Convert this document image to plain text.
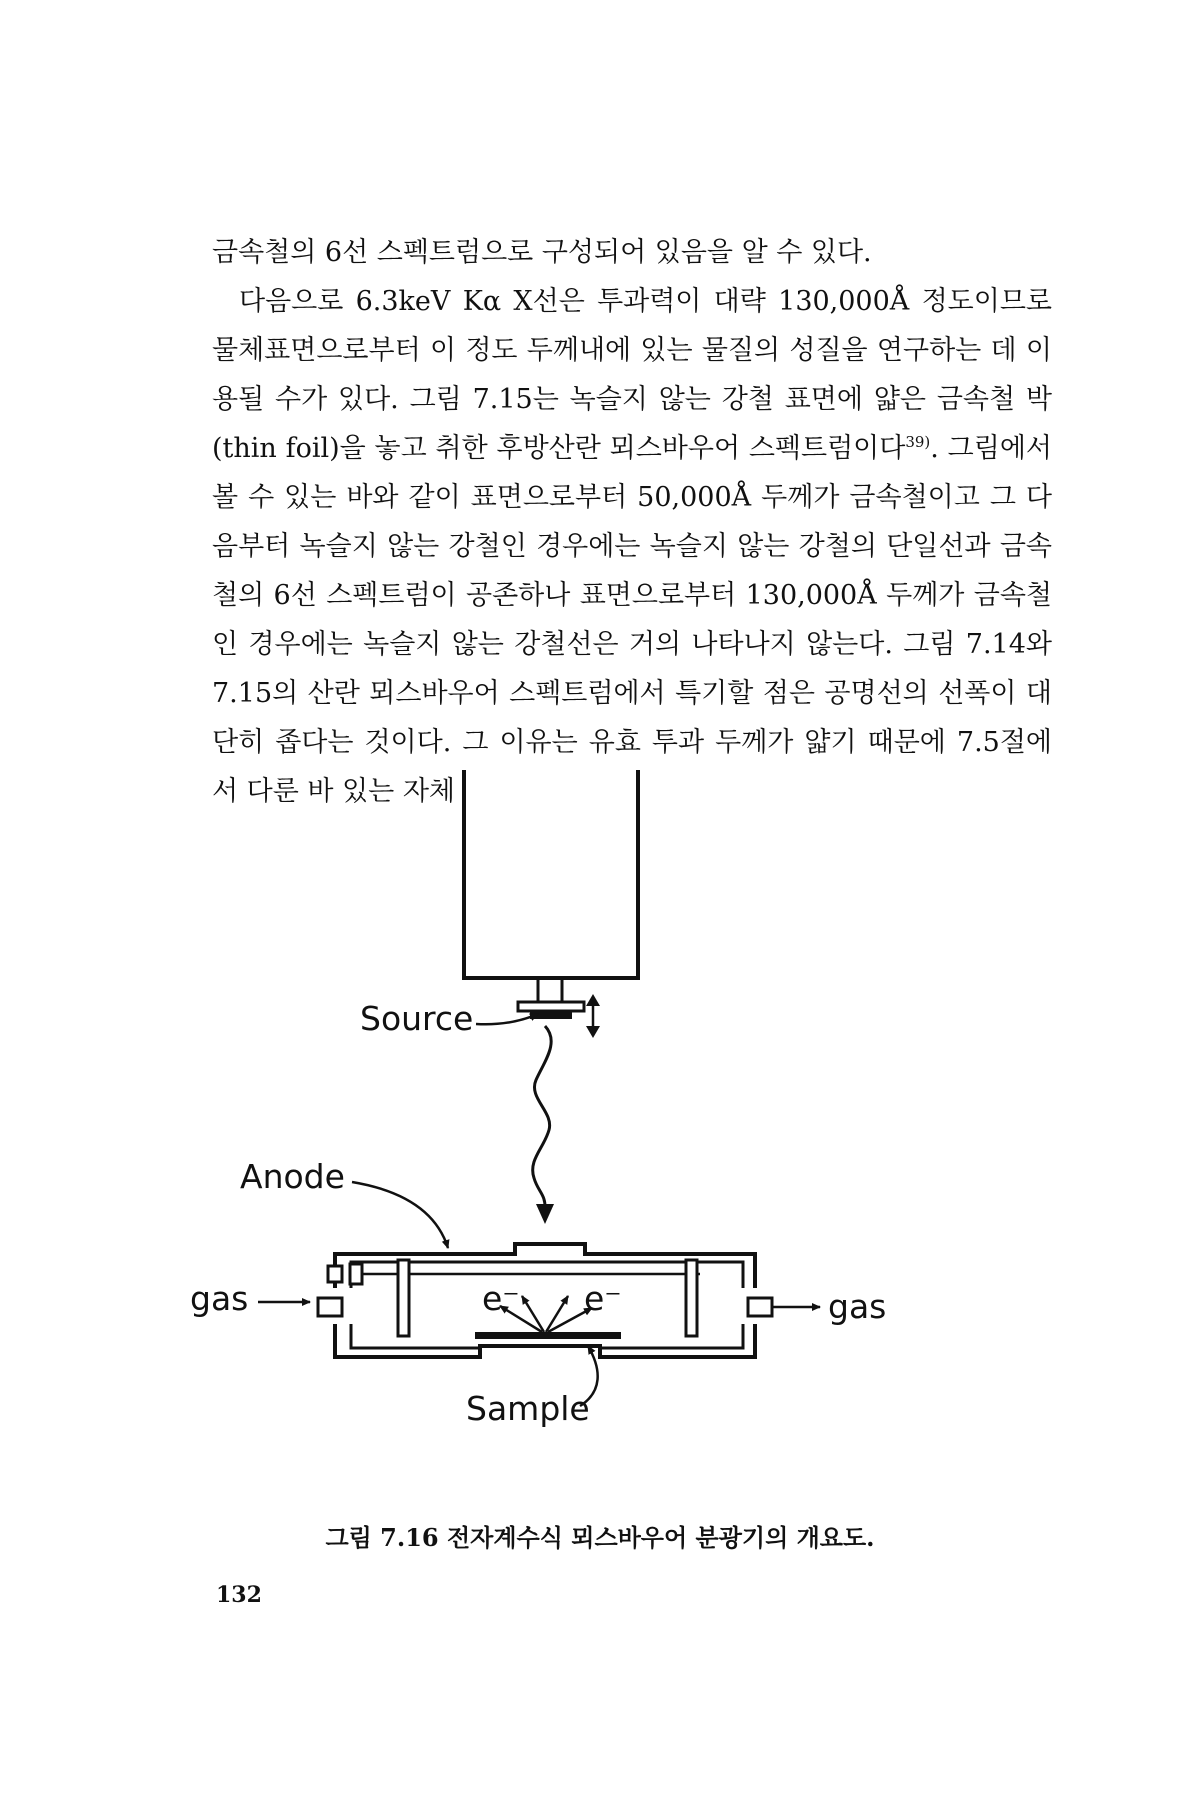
금속철의 6선 스펙트럼으로 구성되어 있음을 알 수 있다.

다음으로 6.3keV Kα X선은 투과력이 대략 130,000Å 정도이므로 물체표면으로부터 이 정도 두께내에 있는 물질의 성질을 연구하는 데 이용될 수가 있다. 그림 7.15는 녹슬지 않는 강철 표면에 얇은 금속철 박(thin foil)을 놓고 취한 후방산란 뫼스바우어 스펙트럼이다$^{39)}$. 그림에서 볼 수 있는 바와 같이 표면으로부터 50,000Å 두께가 금속철이고 그 다음부터 녹슬지 않는 강철인 경우에는 녹슬지 않는 강철의 단일선과 금속철의 6선 스펙트럼이 공존하나 표면으로부터 130,000Å 두께가 금속철인 경우에는 녹슬지 않는 강철선은 거의 나타나지 않는다. 그림 7.14와 7.15의 산란 뫼스바우어 스펙트럼에서 특기할 점은 공명선의 선폭이 대단히 좁다는 것이다. 그 이유는 유효 투과 두께가 얇기 때문에 7.5절에서 다룬 바 있는 자체

Source
Anode
e⁻ e⁻
gas	gas
Sample
그림 7.16 전자계수식 뫼스바우어 분광기의 개요도.
132
